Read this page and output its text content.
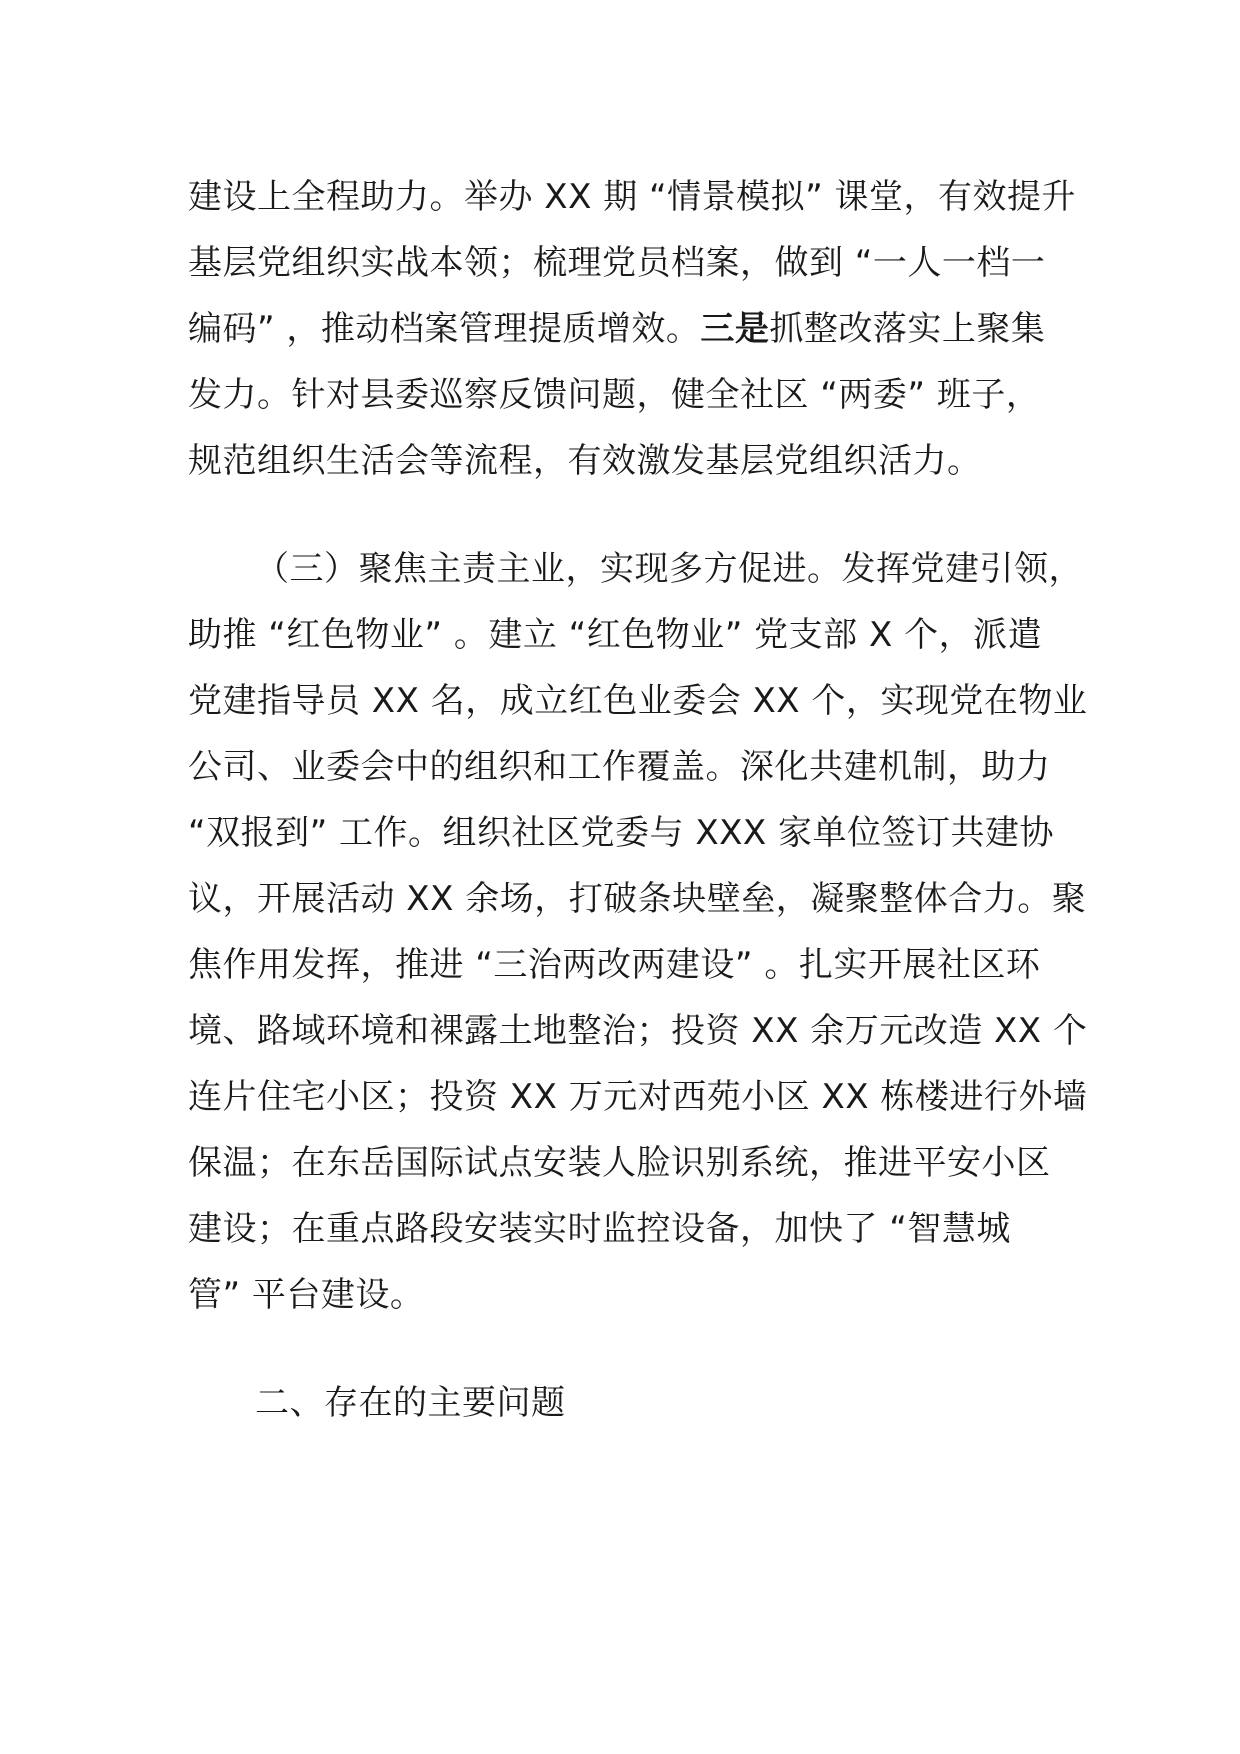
建设上全程助力。举办 XX 期 “情景模拟” 课堂，有效提升
基层党组织实战本领；梳理党员档案，做到 “一人一档一
编码” ，推动档案管理提质增效。三是抓整改落实上聚集
发力。针对县委巡察反馈问题，健全社区 “两委” 班子，
规范组织生活会等流程，有效激发基层党组织活力。
（三）聚焦主责主业，实现多方促进。发挥党建引领，
助推 “红色物业” 。建立 “红色物业” 党支部 X 个，派遣
党建指导员 XX 名，成立红色业委会 XX 个，实现党在物业
公司、业委会中的组织和工作覆盖。深化共建机制，助力
“双报到” 工作。组织社区党委与 XXX 家单位签订共建协
议，开展活动 XX 余场，打破条块壁垒，凝聚整体合力。聚
焦作用发挥，推进 “三治两改两建设” 。扎实开展社区环
境、路域环境和裸露土地整治；投资 XX 余万元改造 XX 个
连片住宅小区；投资 XX 万元对西苑小区 XX 栋楼进行外墙
保温；在东岳国际试点安装人脸识别系统，推进平安小区
建设；在重点路段安装实时监控设备，加快了 “智慧城
管” 平台建设。
二、存在的主要问题
